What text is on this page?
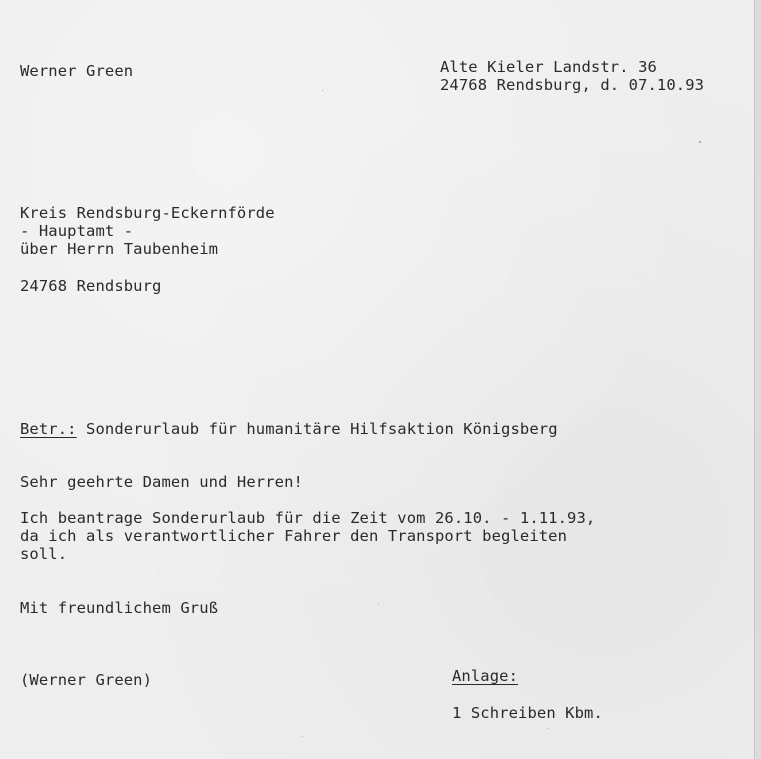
Werner Green	Alte Kieler Landstr. 36
24768 Rendsburg, d. 07.10.93
Kreis Rendsburg-Eckernförde
- Hauptamt -
über Herrn Taubenheim
24768 Rendsburg
Betr.: Sonderurlaub für humanitäre Hilfsaktion Königsberg
Sehr geehrte Damen und Herren!
Ich beantrage Sonderurlaub für die Zeit vom 26.10. - 1.11.93,
da ich als verantwortlicher Fahrer den Transport begleiten
soll.
Mit freundlichem Gruß
(Werner Green)	Anlage:
1 Schreiben Kbm.
